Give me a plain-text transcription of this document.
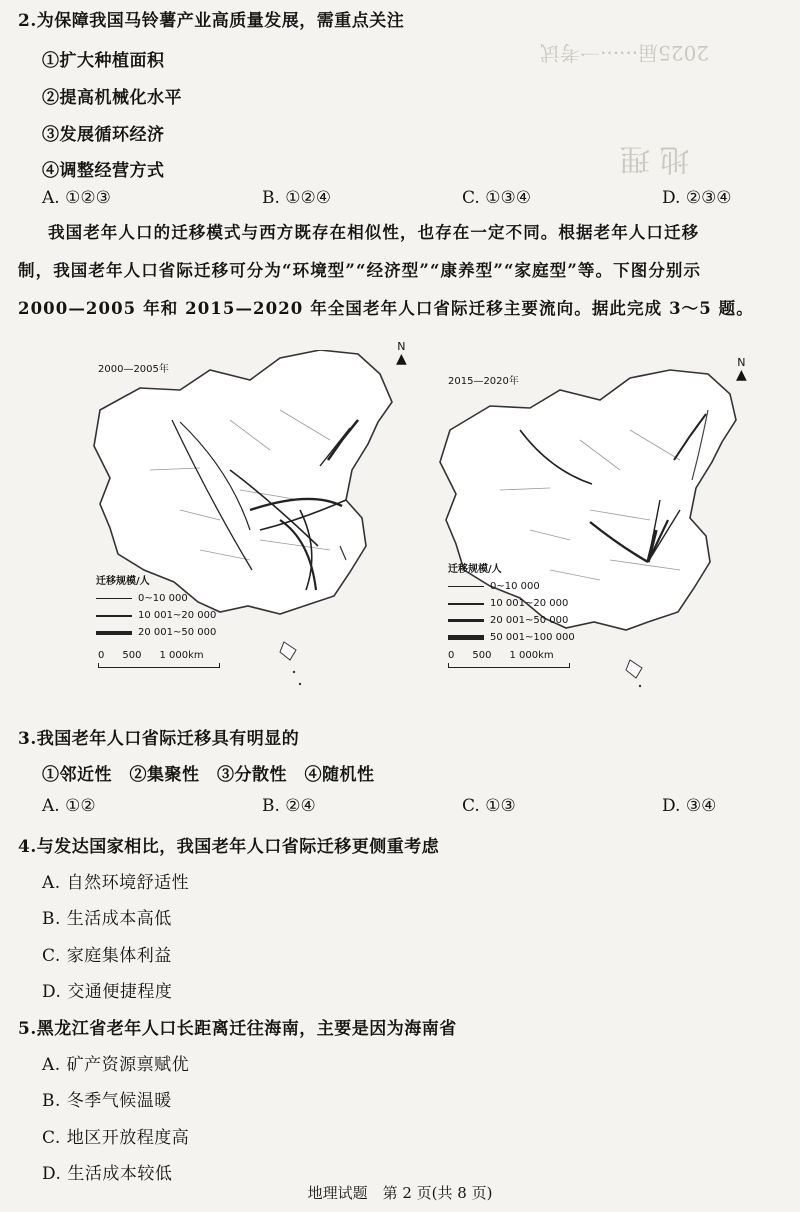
2025届······一考试
地 理
2.为保障我国马铃薯产业高质量发展，需重点关注
①扩大种植面积
②提高机械化水平
③发展循环经济
④调整经营方式
A. ①②③	B. ①②④	C. ①③④	D. ②③④
我国老年人口的迁移模式与西方既存在相似性，也存在一定不同。根据老年人口迁移
制，我国老年人口省际迁移可分为“环境型”“经济型”“康养型”“家庭型”等。下图分别示
2000—2005 年和 2015—2020 年全国老年人口省际迁移主要流向。据此完成 3～5 题。
2000—2005年
N
▲
迁移规模/人
0~10 000
10 001~20 000
20 001~50 000
0 500 1 000km
2015—2020年
N
▲
迁移规模/人
0~10 000
10 001~20 000
20 001~50 000
50 001~100 000
0 500 1 000km
3.我国老年人口省际迁移具有明显的
①邻近性　②集聚性　③分散性　④随机性
A. ①②	B. ②④	C. ①③	D. ③④
4.与发达国家相比，我国老年人口省际迁移更侧重考虑
A. 自然环境舒适性
B. 生活成本高低
C. 家庭集体利益
D. 交通便捷程度
5.黑龙江省老年人口长距离迁往海南，主要是因为海南省
A. 矿产资源禀赋优
B. 冬季气候温暖
C. 地区开放程度高
D. 生活成本较低
地理试题　第 2 页(共 8 页)
